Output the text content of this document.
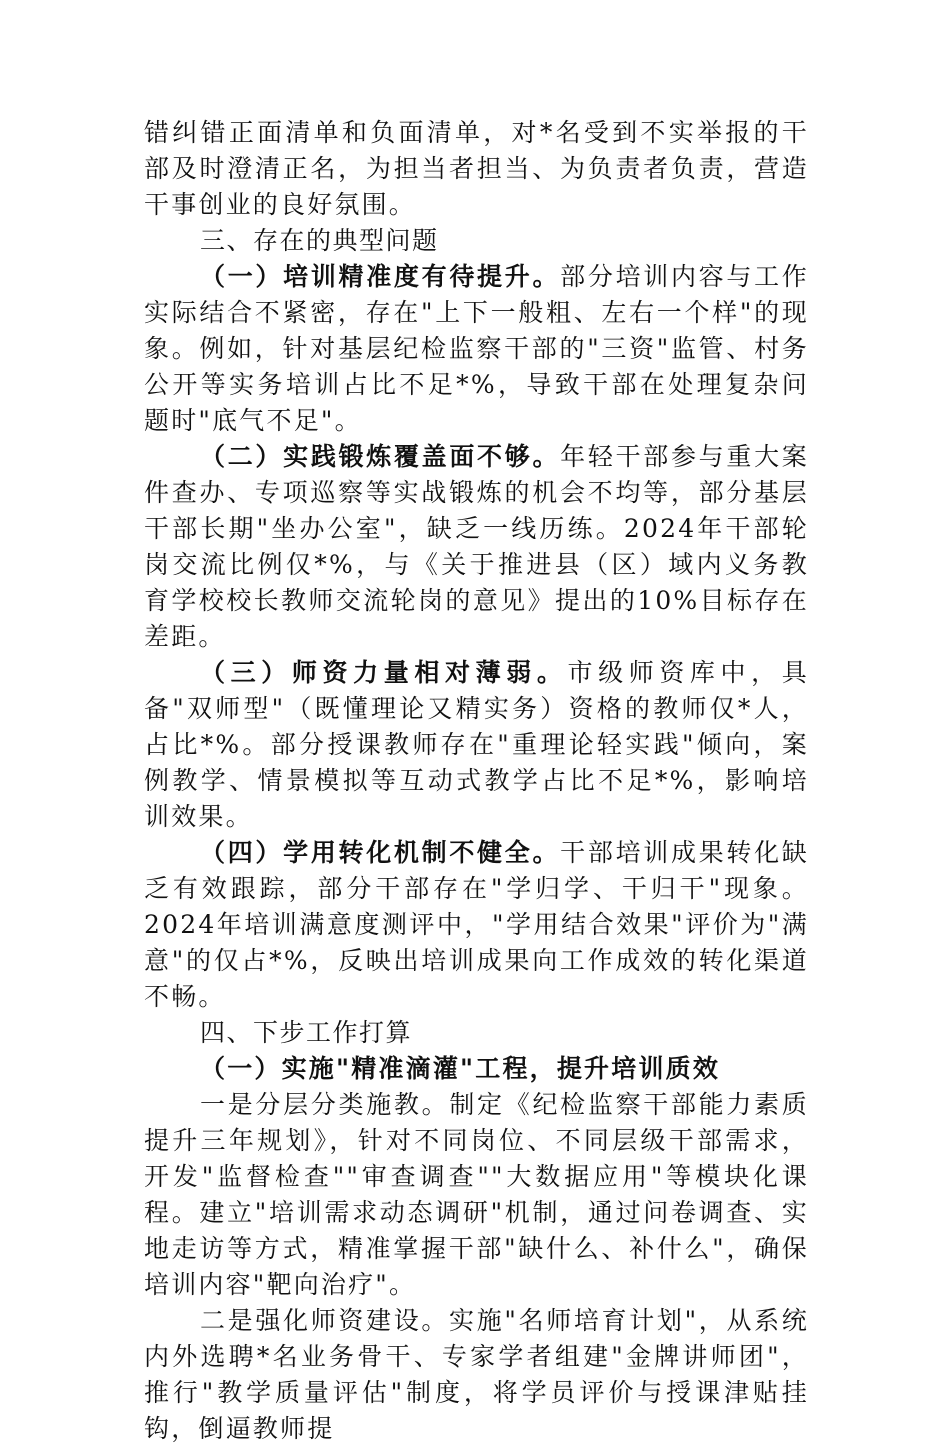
错纠错正面清单和负面清单，对*名受到不实举报的干部及时澄清正名，为担当者担当、为负责者负责，营造干事创业的良好氛围。

三、存在的典型问题

（一）培训精准度有待提升。部分培训内容与工作实际结合不紧密，存在"上下一般粗、左右一个样"的现象。例如，针对基层纪检监察干部的"三资"监管、村务公开等实务培训占比不足*%，导致干部在处理复杂问题时"底气不足"。

（二）实践锻炼覆盖面不够。年轻干部参与重大案件查办、专项巡察等实战锻炼的机会不均等，部分基层干部长期"坐办公室"，缺乏一线历练。2024年干部轮岗交流比例仅*%，与《关于推进县（区）域内义务教育学校校长教师交流轮岗的意见》提出的10%目标存在差距。

（三）师资力量相对薄弱。市级师资库中，具备"双师型"（既懂理论又精实务）资格的教师仅*人，占比*%。部分授课教师存在"重理论轻实践"倾向，案例教学、情景模拟等互动式教学占比不足*%，影响培训效果。

（四）学用转化机制不健全。干部培训成果转化缺乏有效跟踪，部分干部存在"学归学、干归干"现象。2024年培训满意度测评中，"学用结合效果"评价为"满意"的仅占*%，反映出培训成果向工作成效的转化渠道不畅。

四、下步工作打算

（一）实施"精准滴灌"工程，提升培训质效

一是分层分类施教。制定《纪检监察干部能力素质提升三年规划》，针对不同岗位、不同层级干部需求，开发"监督检查""审查调查""大数据应用"等模块化课程。建立"培训需求动态调研"机制，通过问卷调查、实地走访等方式，精准掌握干部"缺什么、补什么"，确保培训内容"靶向治疗"。

二是强化师资建设。实施"名师培育计划"，从系统内外选聘*名业务骨干、专家学者组建"金牌讲师团"，推行"教学质量评估"制度，将学员评价与授课津贴挂钩，倒逼教师提
